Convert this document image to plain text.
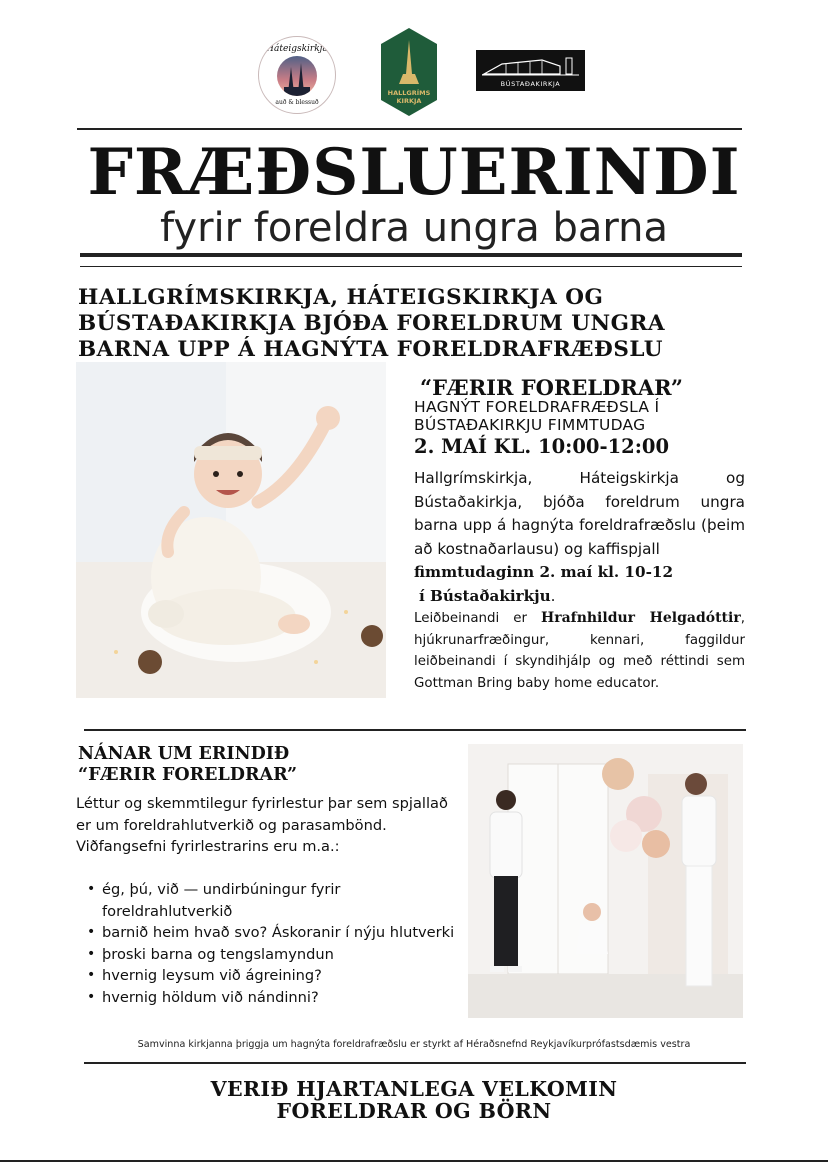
Háteigskirkja
auð & blessuð
HALLGRÍMS
KIRKJA
BÚSTAÐAKIRKJA
FRÆÐSLUERINDI
fyrir foreldra ungra barna
HALLGRÍMSKIRKJA, HÁTEIGSKIRKJA OG BÚSTAÐAKIRKJA BJÓÐA FORELDRUM UNGRA BARNA UPP Á HAGNÝTA FORELDRAFRÆÐSLU
“FÆRIR FORELDRAR”
HAGNÝT FORELDRAFRÆÐSLA Í BÚSTAÐAKIRKJU FIMMTUDAG
2. MAÍ KL. 10:00-12:00
Hallgrímskirkja, Háteigskirkja og Bústaðakirkja, bjóða foreldrum ungra barna upp á hagnýta foreldrafræðslu (þeim að kostnaðarlausu) og kaffispjall
fimmtudaginn 2. maí kl. 10-12
í Bústaðakirkju.
Leiðbeinandi er Hrafnhildur Helgadóttir, hjúkrunarfræðingur, kennari, faggildur leiðbeinandi í skyndihjálp og með réttindi sem Gottman Bring baby home educator.
NÁNAR UM ERINDIÐ
“FÆRIR FORELDRAR”
Léttur og skemmtilegur fyrirlestur þar sem spjallað er um foreldrahlutverkið og parasambönd.
Viðfangsefni fyrirlestrarins eru m.a.:
• ég, þú, við — undirbúningur fyrir foreldrahlutverkið
• barnið heim hvað svo? Áskoranir í nýju hlutverki
• þroski barna og tengslamyndun
• hvernig leysum við ágreining?
• hvernig höldum við nándinni?
Samvinna kirkjanna þriggja um hagnýta foreldrafræðslu er styrkt af Héraðsnefnd Reykjavíkurprófastsdæmis vestra
VERIÐ HJARTANLEGA VELKOMIN
FORELDRAR OG BÖRN
